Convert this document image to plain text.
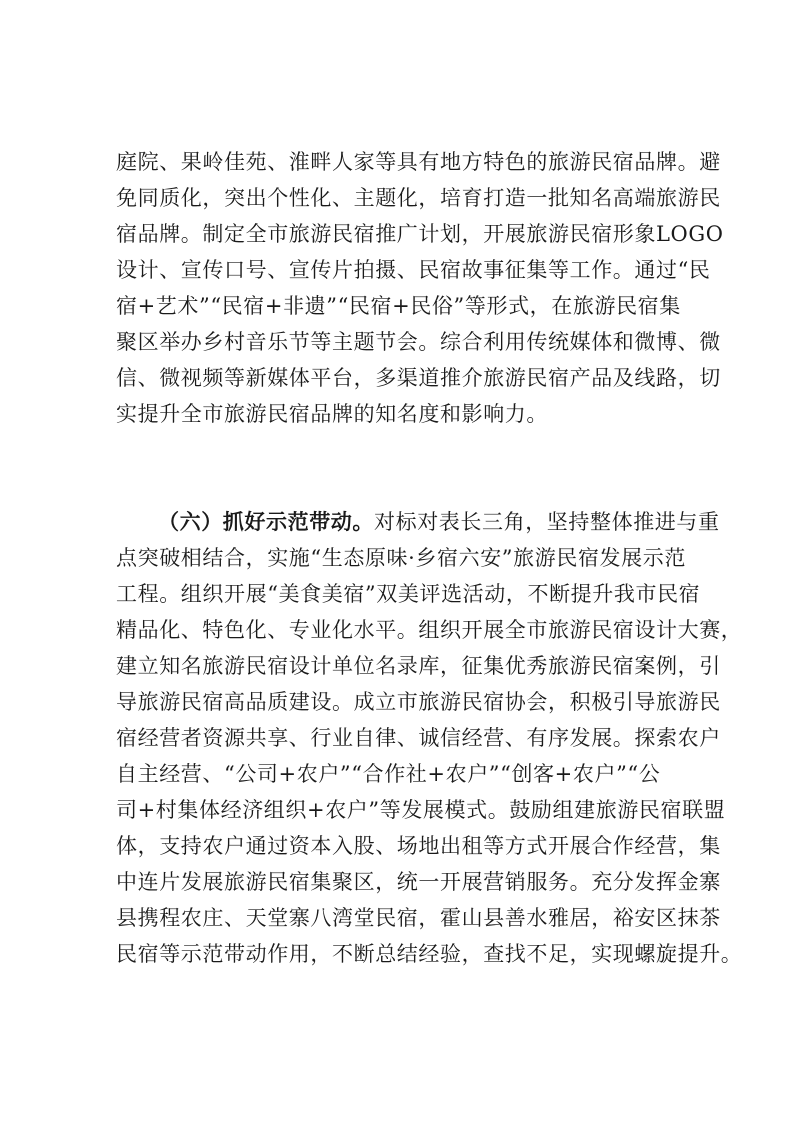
庭院、果岭佳苑、淮畔人家等具有地方特色的旅游民宿品牌。避
免同质化，突出个性化、主题化，培育打造一批知名高端旅游民
宿品牌。制定全市旅游民宿推广计划，开展旅游民宿形象LOGO
设计、宣传口号、宣传片拍摄、民宿故事征集等工作。通过“民
宿+艺术”“民宿+非遗”“民宿+民俗”等形式，在旅游民宿集
聚区举办乡村音乐节等主题节会。综合利用传统媒体和微博、微
信、微视频等新媒体平台，多渠道推介旅游民宿产品及线路，切
实提升全市旅游民宿品牌的知名度和影响力。
（六）抓好示范带动。对标对表长三角，坚持整体推进与重
点突破相结合，实施“生态原味·乡宿六安”旅游民宿发展示范
工程。组织开展“美食美宿”双美评选活动，不断提升我市民宿
精品化、特色化、专业化水平。组织开展全市旅游民宿设计大赛，
建立知名旅游民宿设计单位名录库，征集优秀旅游民宿案例，引
导旅游民宿高品质建设。成立市旅游民宿协会，积极引导旅游民
宿经营者资源共享、行业自律、诚信经营、有序发展。探索农户
自主经营、“公司+农户”“合作社+农户”“创客+农户”“公
司+村集体经济组织+农户”等发展模式。鼓励组建旅游民宿联盟
体，支持农户通过资本入股、场地出租等方式开展合作经营，集
中连片发展旅游民宿集聚区，统一开展营销服务。充分发挥金寨
县携程农庄、天堂寨八湾堂民宿，霍山县善水雅居，裕安区抹茶
民宿等示范带动作用，不断总结经验，查找不足，实现螺旋提升。
